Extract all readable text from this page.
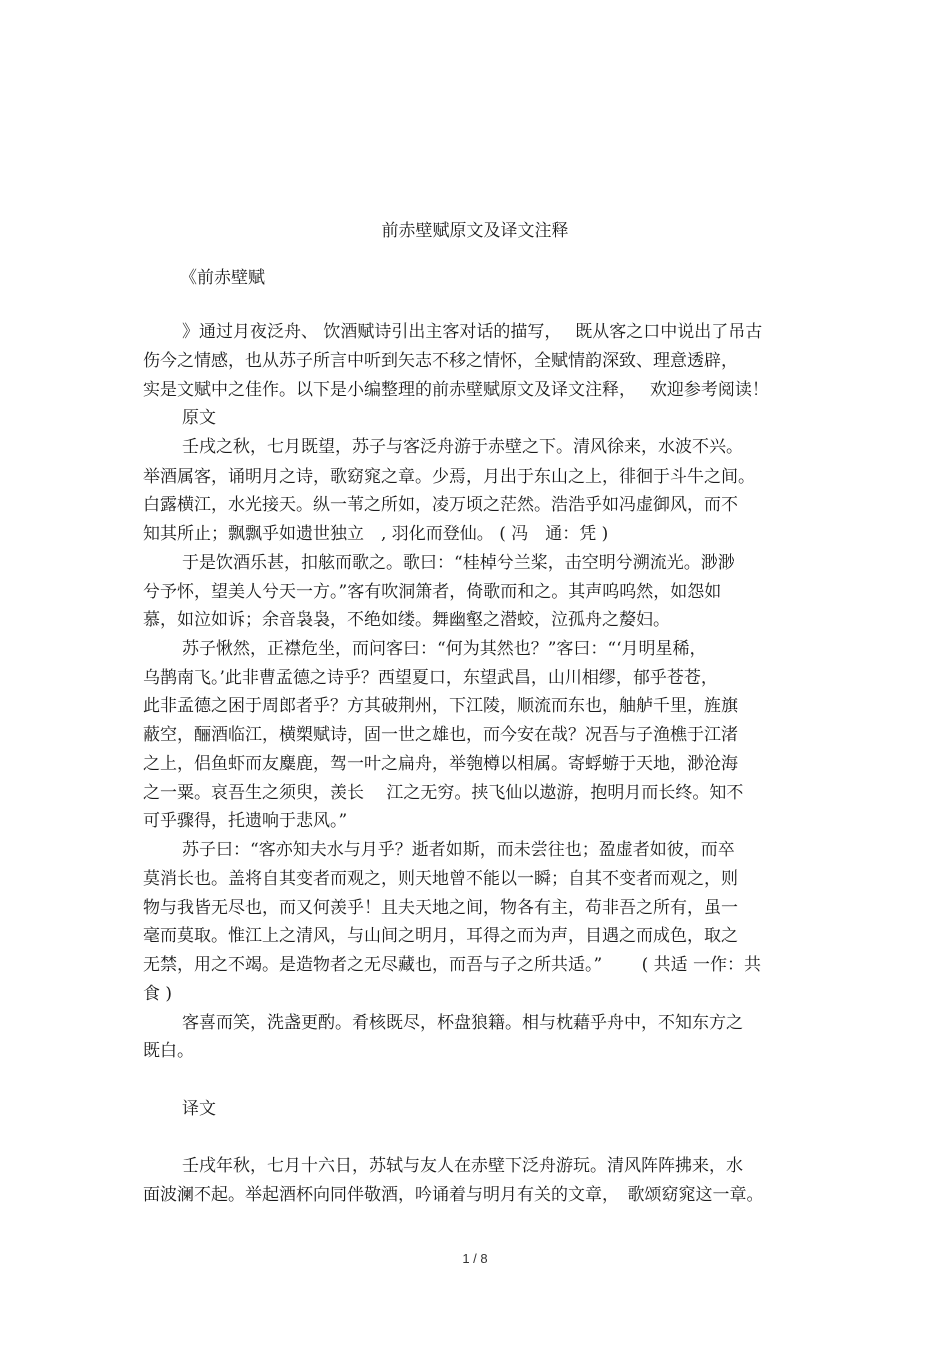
前赤壁赋原文及译文注释
《前赤壁赋
》通过月夜泛舟、 饮酒赋诗引出主客对话的描写，　 既从客之口中说出了吊古
伤今之情感，也从苏子所言中听到矢志不移之情怀，全赋情韵深致、理意透辟，
实是文赋中之佳作。以下是小编整理的前赤壁赋原文及译文注释，　 欢迎参考阅读！
原文
壬戌之秋，七月既望，苏子与客泛舟游于赤壁之下。清风徐来，水波不兴。
举酒属客，诵明月之诗，歌窈窕之章。少焉，月出于东山之上，徘徊于斗牛之间。
白露横江，水光接天。纵一苇之所如，凌万顷之茫然。浩浩乎如冯虚御风，而不
知其所止；飘飘乎如遗世独立　, 羽化而登仙。 ( 冯　通：凭 )
于是饮酒乐甚，扣舷而歌之。歌曰：“桂棹兮兰桨，击空明兮溯流光。渺渺
兮予怀，望美人兮天一方。”客有吹洞箫者，倚歌而和之。其声呜呜然，如怨如
慕，如泣如诉；余音袅袅，不绝如缕。舞幽壑之潜蛟，泣孤舟之嫠妇。
苏子愀然，正襟危坐，而问客曰：“何为其然也？”客曰：“‘月明星稀，
乌鹊南飞。’此非曹孟德之诗乎？西望夏口，东望武昌，山川相缪，郁乎苍苍，
此非孟德之困于周郎者乎？方其破荆州，下江陵，顺流而东也，舳舻千里，旌旗
蔽空，酾酒临江，横槊赋诗，固一世之雄也，而今安在哉？况吾与子渔樵于江渚
之上，侣鱼虾而友麋鹿，驾一叶之扁舟，举匏樽以相属。寄蜉蝣于天地，渺沧海
之一粟。哀吾生之须臾，羡长　 江之无穷。挟飞仙以遨游，抱明月而长终。知不
可乎骤得，托遗响于悲风。”
苏子曰：“客亦知夫水与月乎？逝者如斯，而未尝往也；盈虚者如彼，而卒
莫消长也。盖将自其变者而观之，则天地曾不能以一瞬；自其不变者而观之，则
物与我皆无尽也，而又何羡乎！且夫天地之间，物各有主，苟非吾之所有，虽一
毫而莫取。惟江上之清风，与山间之明月，耳得之而为声，目遇之而成色，取之
无禁，用之不竭。是造物者之无尽藏也，而吾与子之所共适。”　　 ( 共适 一作：共
食 )
客喜而笑，洗盏更酌。肴核既尽，杯盘狼籍。相与枕藉乎舟中，不知东方之
既白。
译文
壬戌年秋，七月十六日，苏轼与友人在赤壁下泛舟游玩。清风阵阵拂来，水
面波澜不起。举起酒杯向同伴敬酒，吟诵着与明月有关的文章，　歌颂窈窕这一章。
1 / 8
